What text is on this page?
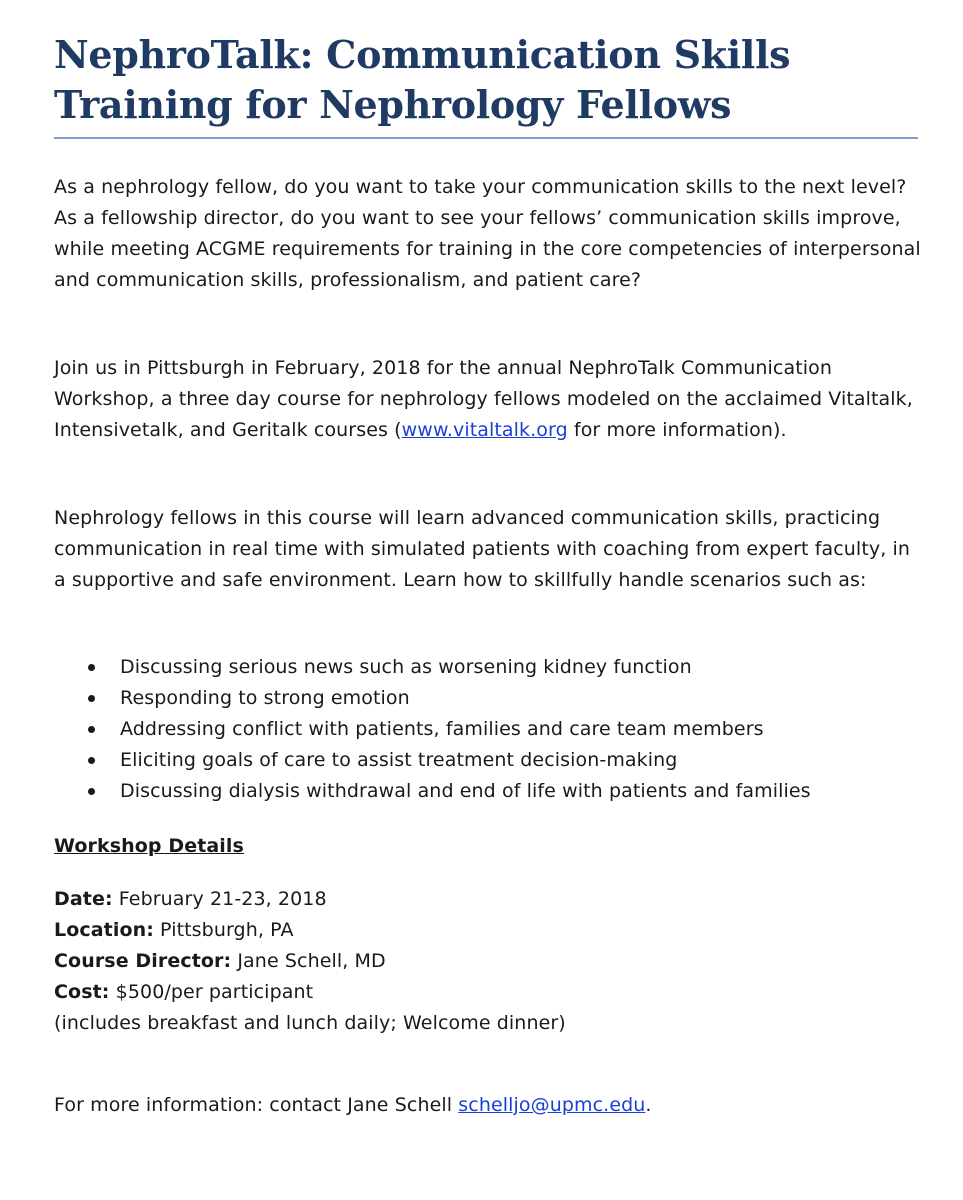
NephroTalk: Communication Skills Training for Nephrology Fellows

As a nephrology fellow, do you want to take your communication skills to the next level? As a fellowship director, do you want to see your fellows’ communication skills improve, while meeting ACGME requirements for training in the core competencies of interpersonal and communication skills, professionalism, and patient care?

Join us in Pittsburgh in February, 2018 for the annual NephroTalk Communication Workshop, a three day course for nephrology fellows modeled on the acclaimed Vitaltalk, Intensivetalk, and Geritalk courses (www.vitaltalk.org for more information).

Nephrology fellows in this course will learn advanced communication skills, practicing communication in real time with simulated patients with coaching from expert faculty, in a supportive and safe environment. Learn how to skillfully handle scenarios such as:

Discussing serious news such as worsening kidney function
Responding to strong emotion
Addressing conflict with patients, families and care team members
Eliciting goals of care to assist treatment decision-making
Discussing dialysis withdrawal and end of life with patients and families

Workshop Details

Date: February 21-23, 2018
Location: Pittsburgh, PA
Course Director: Jane Schell, MD
Cost: $500/per participant
(includes breakfast and lunch daily; Welcome dinner)

For more information: contact Jane Schell schelljo@upmc.edu.
